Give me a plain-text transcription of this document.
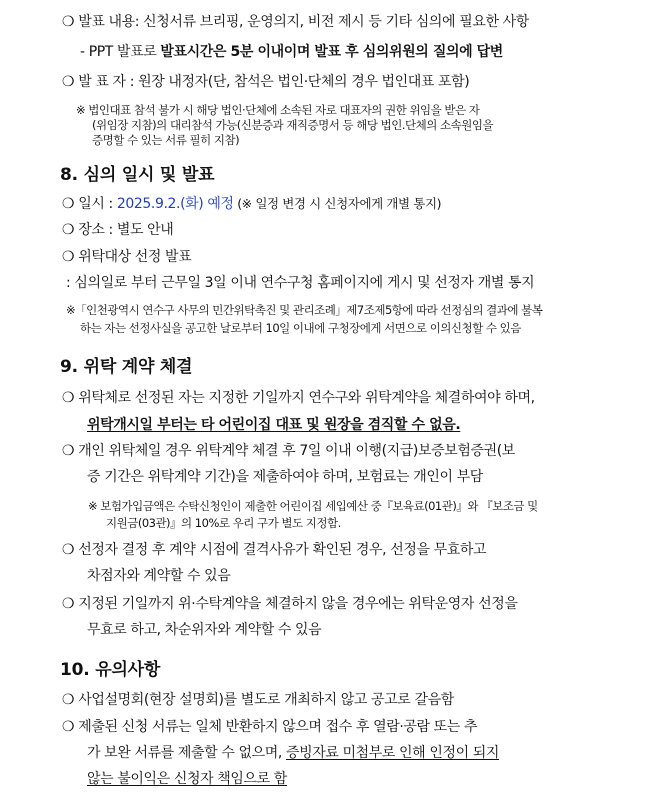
❍ 발표 내용: 신청서류 브리핑, 운영의지, 비전 제시 등 기타 심의에 필요한 사항
- PPT 발표로 발표시간은 5분 이내이며 발표 후 심의위원의 질의에 답변
❍ 발 표 자 : 원장 내정자(단, 참석은 법인·단체의 경우 법인대표 포함)
※ 법인대표 참석 불가 시 해당 법인·단체에 소속된 자로 대표자의 권한 위임을 받은 자
(위임장 지참)의 대리참석 가능(신분증과 재직증명서 등 해당 법인.단체의 소속원임을
증명할 수 있는 서류 필히 지참)
8. 심의 일시 및 발표
❍ 일시 : 2025.9.2.(화) 예정 (※ 일정 변경 시 신청자에게 개별 통지)
❍ 장소 : 별도 안내
❍ 위탁대상 선정 발표
: 심의일로 부터 근무일 3일 이내 연수구청 홈페이지에 게시 및 선정자 개별 통지
※「인천광역시 연수구 사무의 민간위탁촉진 및 관리조례」제7조제5항에 따라 선정심의 결과에 불복
하는 자는 선정사실을 공고한 날로부터 10일 이내에 구청장에게 서면으로 이의신청할 수 있음
9. 위탁 계약 체결
❍ 위탁체로 선정된 자는 지정한 기일까지 연수구와 위탁계약을 체결하여야 하며,
위탁개시일 부터는 타 어린이집 대표 및 원장을 겸직할 수 없음.
❍ 개인 위탁체일 경우 위탁계약 체결 후 7일 이내 이행(지급)보증보험증권(보
증 기간은 위탁계약 기간)을 제출하여야 하며, 보험료는 개인이 부담
※ 보험가입금액은 수탁신청인이 제출한 어린이집 세입예산 중『보육료(01관)』와 『보조금 및
지원금(03관)』의 10%로 우리 구가 별도 지정함.
❍ 선정자 결정 후 계약 시점에 결격사유가 확인된 경우, 선정을 무효하고
차점자와 계약할 수 있음
❍ 지정된 기일까지 위·수탁계약을 체결하지 않을 경우에는 위탁운영자 선정을
무효로 하고, 차순위자와 계약할 수 있음
10. 유의사항
❍ 사업설명회(현장 설명회)를 별도로 개최하지 않고 공고로 갈음함
❍ 제출된 신청 서류는 일체 반환하지 않으며 접수 후 열람·공람 또는 추
가 보완 서류를 제출할 수 없으며, 증빙자료 미첨부로 인해 인정이 되지
않는 불이익은 신청자 책임으로 함
